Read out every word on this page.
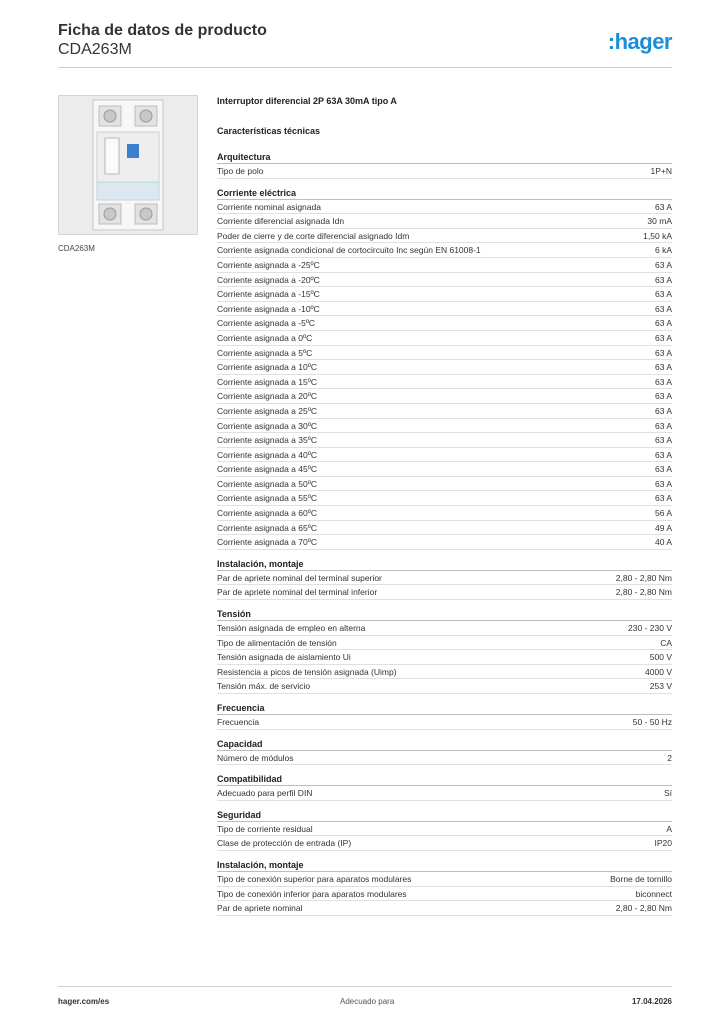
Ficha de datos de producto
CDA263M	:hager
CDA263M
Interruptor diferencial 2P 63A 30mA tipo A
Características técnicas
Arquitectura
Tipo de polo	1P+N
Corriente eléctrica
Corriente nominal asignada	63 A
Corriente diferencial asignada Idn	30 mA
Poder de cierre y de corte diferencial asignado Idm	1,50 kA
Corriente asignada condicional de cortocircuito Inc según EN 61008-1	6 kA
Corriente asignada a -25ºC	63 A
Corriente asignada a -20ºC	63 A
Corriente asignada a -15ºC	63 A
Corriente asignada a -10ºC	63 A
Corriente asignada a -5ºC	63 A
Corriente asignada a 0ºC	63 A
Corriente asignada a 5ºC	63 A
Corriente asignada a 10ºC	63 A
Corriente asignada a 15ºC	63 A
Corriente asignada a 20ºC	63 A
Corriente asignada a 25ºC	63 A
Corriente asignada a 30ºC	63 A
Corriente asignada a 35ºC	63 A
Corriente asignada a 40ºC	63 A
Corriente asignada a 45ºC	63 A
Corriente asignada a 50ºC	63 A
Corriente asignada a 55ºC	63 A
Corriente asignada a 60ºC	56 A
Corriente asignada a 65ºC	49 A
Corriente asignada a 70ºC	40 A
Instalación, montaje
Par de apriete nominal del terminal superior	2,80 - 2,80 Nm
Par de apriete nominal del terminal inferior	2,80 - 2,80 Nm
Tensión
Tensión asignada de empleo en alterna	230 - 230 V
Tipo de alimentación de tensión	CA
Tensión asignada de aislamiento Ui	500 V
Resistencia a picos de tensión asignada (Uimp)	4000 V
Tensión máx. de servicio	253 V
Frecuencia
Frecuencia	50 - 50 Hz
Capacidad
Número de módulos	2
Compatibilidad
Adecuado para perfil DIN	Sí
Seguridad
Tipo de corriente residual	A
Clase de protección de entrada (IP)	IP20
Instalación, montaje
Tipo de conexión superior para aparatos modulares	Borne de tornillo
Tipo de conexión inferior para aparatos modulares	biconnect
Par de apriete nominal	2,80 - 2,80 Nm
hager.com/es	Adecuado para	17.04.2026
